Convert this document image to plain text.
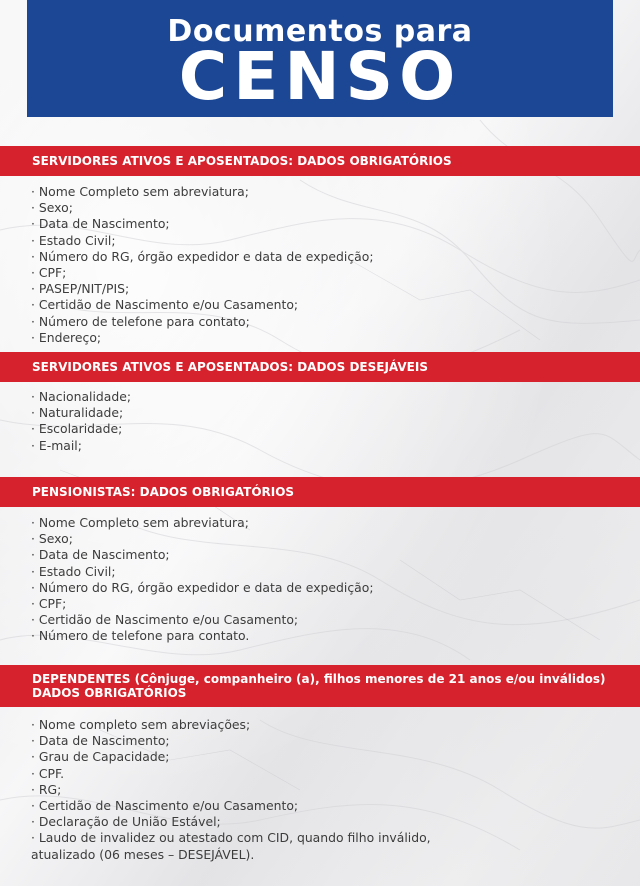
Documentos para
CENSO
SERVIDORES ATIVOS E APOSENTADOS: DADOS OBRIGATÓRIOS
· Nome Completo sem abreviatura;
· Sexo;
· Data de Nascimento;
· Estado Civil;
· Número do RG, órgão expedidor e data de expedição;
· CPF;
· PASEP/NIT/PIS;
· Certidão de Nascimento e/ou Casamento;
· Número de telefone para contato;
· Endereço;
SERVIDORES ATIVOS E APOSENTADOS: DADOS DESEJÁVEIS
· Nacionalidade;
· Naturalidade;
· Escolaridade;
· E-mail;
PENSIONISTAS: DADOS OBRIGATÓRIOS
· Nome Completo sem abreviatura;
· Sexo;
· Data de Nascimento;
· Estado Civil;
· Número do RG, órgão expedidor e data de expedição;
· CPF;
· Certidão de Nascimento e/ou Casamento;
· Número de telefone para contato.
DEPENDENTES (Cônjuge, companheiro (a), filhos menores de 21 anos e/ou inválidos)
DADOS OBRIGATÓRIOS
· Nome completo sem abreviações;
· Data de Nascimento;
· Grau de Capacidade;
· CPF.
· RG;
· Certidão de Nascimento e/ou Casamento;
· Declaração de União Estável;
· Laudo de invalidez ou atestado com CID, quando filho inválido,
atualizado (06 meses – DESEJÁVEL).
